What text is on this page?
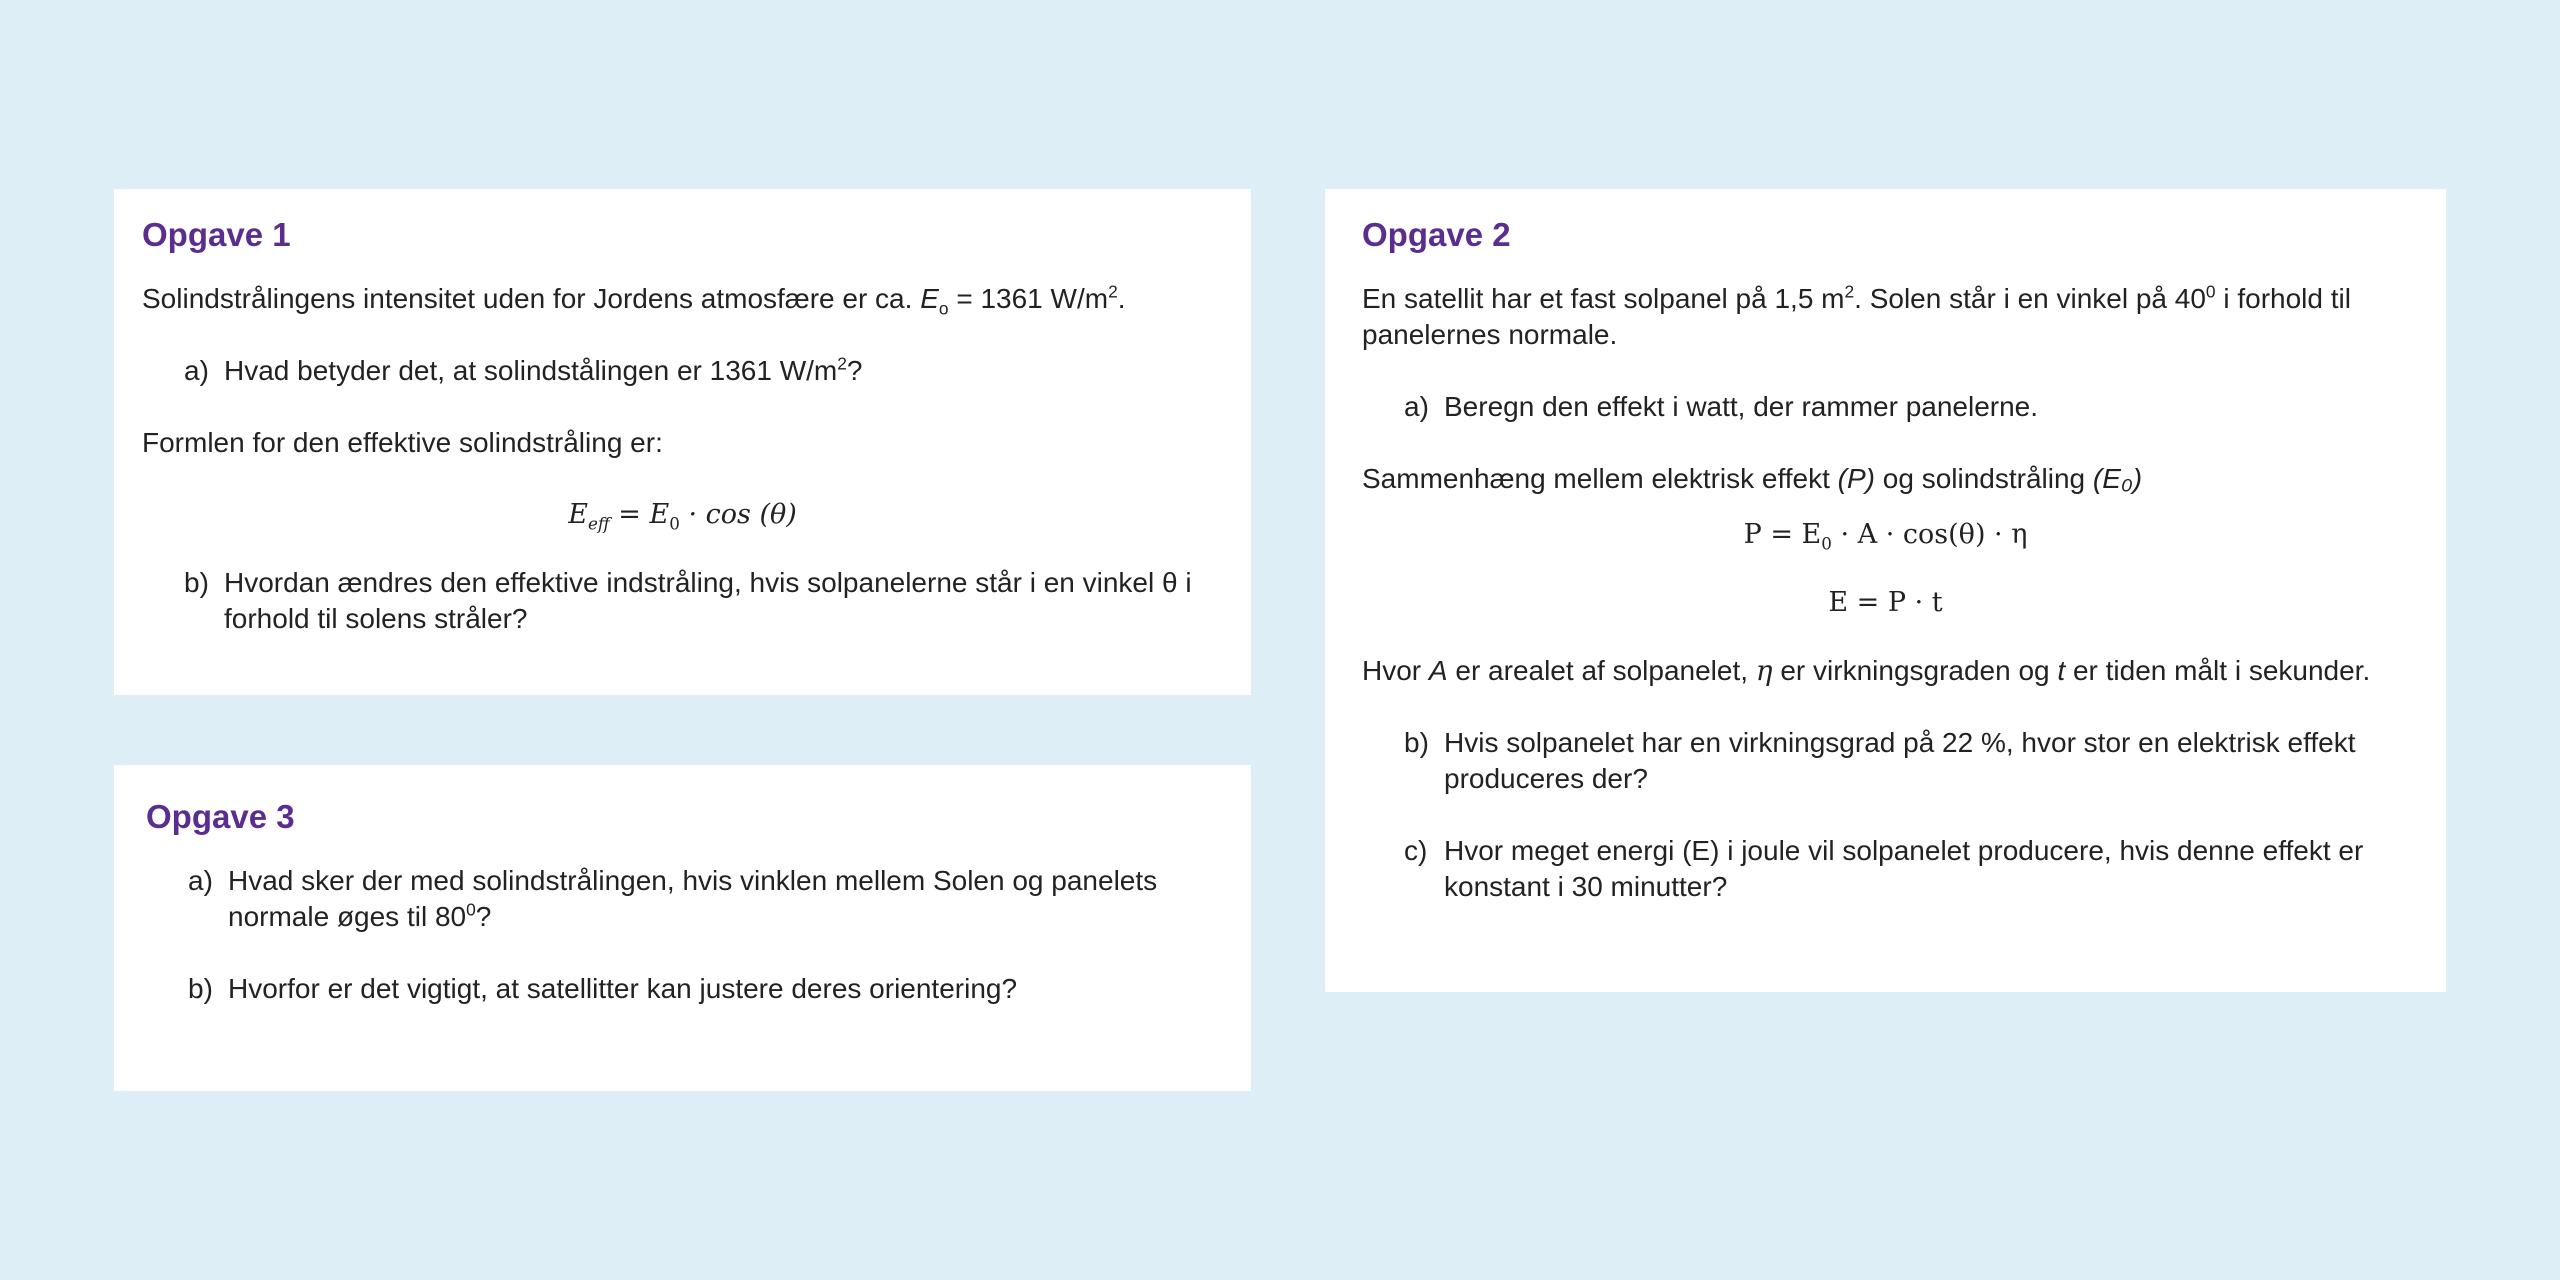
Opgave 1

Solindstrålingens intensitet uden for Jordens atmosfære er ca. $E_o = 1361$ $W/m^2$.

a) Hvad betyder det, at solindstålingen er 1361 $W/m^2$?

Formlen for den effektive solindstråling er:

$E_{eff} = E_0 \cdot \cos (\theta)$
b) Hvordan ændres den effektive indstråling, hvis solpanelerne står i en vinkel θ i forhold til solens stråler?
Opgave 2

En satellit har et fast solpanel på 1,5 $m^2$. Solen står i en vinkel på $40^0$ i forhold til panelernes normale.

a) Beregn den effekt i watt, der rammer panelerne.

Sammenhæng mellem elektrisk effekt (P) og solindstråling (E₀)

$P = E_0 \cdot A \cdot \cos(\theta) \cdot \eta$
E = P · t

Hvor A er arealet af solpanelet, η er virkningsgraden og t er tiden målt i sekunder.

b) Hvis solpanelet har en virkningsgrad på 22 %, hvor stor en elektrisk effekt produceres der?
c) Hvor meget energi (E) i joule vil solpanelet producere, hvis denne effekt er konstant i 30 minutter?
Opgave 3
a) Hvad sker der med solindstrålingen, hvis vinklen mellem Solen og panelets normale øges til $80^0$?
b) Hvorfor er det vigtigt, at satellitter kan justere deres orientering?
